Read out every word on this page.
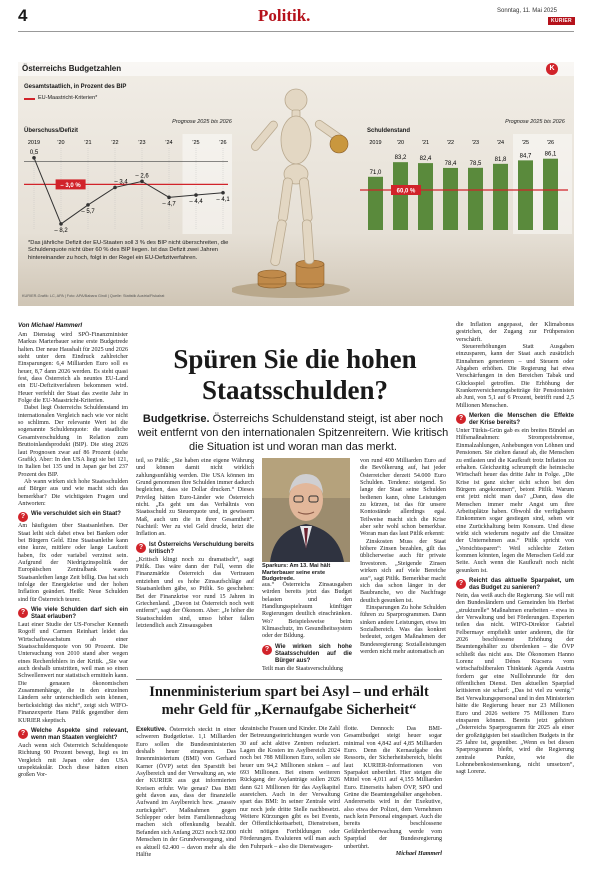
4	Politik.	Sonntag, 11. Mai 2025
KURIER
Österreichs Budgetzahlen	K
Gesamtstaatlich, in Prozent des BIP
EU-Maastricht-Kriterien*
Überschuss/Defizit	Schuldenstand
Prognose 2025 bis 2026	Prognose 2025 bis 2026
2019	'20	'21	'22	'23	'24	'25	'26
– 3,0 %
0,5
– 8,2
– 5,7
– 3,4
– 2,6
– 4,7 – 4,4 – 4,1
2019	'20	'21	'22	'23	'24	'25	'26
71,0
83,2 82,4
78,4 78,5
81,8
84,7 86,1
60,0 %
*Das jährliche Defizit der EU-Staaten soll 3 % des BIP nicht überschreiten, die Schuldenquote nicht über 60 % des BIP liegen. Ist das Defizit zwei Jahren hintereinander zu hoch, folgt in der Regel ein EU-Defizitverfahren.
KURIER-Grafik: LC, APA | Foto: APA/Babara Gindl | Quelle: Statistik Austria/Fiskalrat
Von Michael Hammerl

Am Dienstag wird SPÖ-Finanzminister Markus Marterbauer seine erste Budgetrede halten. Der neue Haushalt für 2025 und 2026 steht unter dem Eindruck zahlreicher Einsparungen: 6,4 Milliarden Euro soll es heuer, 8,7 dann 2026 werden. Es steht quasi fest, dass Österreich als neuntes EU-Land ein EU-Defizitverfahren bekommen wird. Heuer verfehlt der Staat das zweite Jahr in Folge die EU-Maastricht-Kriterien.

Dabei liegt Österreichs Schuldenstand im internationalen Vergleich nach wie vor nicht so schlimm. Der relevante Wert ist die sogenannte Schuldenquote: die staatliche Gesamtverschuldung in Relation zum Bruttoinlandsprodukt (BIP). Die stieg 2026 laut Prognosen zwar auf 86 Prozent (siehe Grafik). Aber: In den USA liegt sie bei 121, in Italien bei 135 und in Japan gar bei 237 Prozent des BIP.

Ab wann wirken sich hohe Staatsschulden auf Bürger aus und wie macht sich das bemerkbar? Die wichtigsten Fragen und Antworten:

? Wie verschuldet sich ein Staat?

Am häufigsten über Staatsanleihen. Der Staat leiht sich dabei etwa bei Banken oder bei Bürgern Geld. Eine Staatsanleihe kann eine kurze, mittlere oder lange Laufzeit haben, fix oder variabel verzinst sein. Aufgrund der Niedrigzinspolitik der Europäischen Zentralbank waren Staatsanleihen lange Zeit billig. Das hat sich infolge der Energiekrise und der hohen Inflation geändert. Heißt: Neue Schulden sind für Österreich teurer.

? Wie viele Schulden darf sich ein Staat erlauben?

Laut einer Studie der US-Forscher Kenneth Rogoff und Carmen Reinhart leidet das Wirtschaftswachstum ab einer Staatsschuldenquote von 90 Prozent. Die Untersuchung von 2010 stand aber wegen eines Rechenfehlers in der Kritik. „Sie war auch deshalb umstritten, weil man so einen Schwellenwert nur statistisch ermitteln kann. Die genauen ökonomischen Zusammenhänge, die in den einzelnen Ländern sehr unterschiedlich sein können, berücksichtigt das nicht“, zeigt sich WIFO-Finanzexperte Hans Pitlik gegenüber dem KURIER skeptisch.

? Welche Aspekte sind relevant, wenn man Staaten vergleicht?

Auch wenn sich Österreich Schuldenquote Richtung 90 Prozent bewegt, liegt es im Vergleich mit Japan oder den USA unspektakulär. Doch diese hätten einen großen Vor-

Spüren Sie die hohen Staatsschulden?
Budgetkrise. Österreichs Schuldenstand steigt, ist aber noch weit entfernt von den internationalen Spitzenreitern. Wie kritisch die Situation ist und woran man das merkt.

teil, so Pitlik: „Sie haben eine eigene Währung und können damit nicht wirklich zahlungsunfähig werden. Die USA können im Grund genommen ihre Schulden immer dadurch begleichen, dass sie Dollar drucken.“ Dieses Privileg hätten Euro-Länder wie Österreich nicht. „Es geht um das Verhältnis von Staatsschuld zu Steuerquote und, in gewissem Maß, auch um die in ihrer Gesamtheit“. Nachteil: Wer zu viel Geld druckt, heizt die Inflation an.

? Ist Österreichs Verschuldung bereits kritisch?

„Kritisch klingt noch zu dramatisch“, sagt Pitlik. Das wäre dann der Fall, wenn die Finanzmärkte Österreich das Vertrauen entziehen und es hohe Zinsaufschläge auf Staatsanleihen gäbe, so Pitlik. So geschehen: Bei der Finanzkrise vor rund 15 Jahren in Griechenland. „Davon ist Österreich noch weit entfernt“, sagt der Ökonom. Aber: „Je höher die Staatsschulden sind, umso höher fallen letztendlich auch Zinsausgaben

Sparkurs: Am 13. Mai hält Marterbauer seine erste Budgetrede.

aus.“ Österreichs Zinsausgaben würden bereits jetzt das Budget belasten und den Handlungsspielraum künftiger Regierungen deutlich einschränken. Wo? Beispielsweise beim Klimaschutz, im Gesundheitssystem oder der Bildung.

? Wie wirken sich hohe Staatsschulden auf die Bürger aus?

Teilt man die Staatsverschuldung

von rund 400 Milliarden Euro auf die Bevölkerung auf, hat jeder Österreicher derzeit 54.000 Euro Schulden. Tendenz: steigend. So lange der Staat seine Schulden bedienen kann, ohne Leistungen zu kürzen, ist das für unsere Kontostände allerdings egal. Teilweise macht sich die Krise aber sehr wohl schon bemerkbar. Woran man das laut Pitlik erkennt:

Zinskosten Muss der Staat höhere Zinsen bezahlen, gilt das üblicherweise auch für private Investoren. „Steigende Zinsen wirken sich auf viele Bereiche aus“, sagt Pitlik. Bemerkbar macht sich das schon länger in der Baubranche, wo die Nachfrage deutlich gesunken ist.

Einsparungen Zu hohe Schulden führen zu Sparprogrammen. Dann sinken andere Leistungen, etwa im Sozialbereich. Was das konkret bedeutet, zeigen Maßnahmen der Bundesregierung: Sozialleistungen werden nicht mehr automatisch an

die Inflation angepasst, der Klimabonus gestrichen, der Zugang zur Frühpension verschärft.

Steuererhöhungen Statt Ausgaben einzusparen, kann der Staat auch zusätzlich Einnahmen generieren – und Steuern oder Abgaben erhöhen. Die Regierung hat etwa Verschärfungen in den Bereichen Tabak und Glücksspiel getroffen. Die Erhöhung der Krankenversicherungsbeiträge für Pensionisten ab Juni, von 5,1 auf 6 Prozent, betrifft rund 2,5 Millionen Menschen.

? Merken die Menschen die Effekte der Krise bereits?

Unter Türkis-Grün gab es ein breites Bündel an Hilfsmaßnahmen: Strompreisbremse, Einmalzahlungen, Anhebungen von Löhnen und Pensionen. Sie zielten darauf ab, die Menschen zu entlasten und die Kaufkraft trotz Inflation zu erhalten. Gleichzeitig schrumpft die heimische Wirtschaft heuer das dritte Jahr in Folge. „Die Krise ist ganz sicher sicht schon bei den Bürgern angekommen“, betont Pitlik. Warum erst jetzt nicht man das? „Dann, dass die Menschen immer mehr Angst um ihre Arbeitsplätze haben. Obwohl die verfügbaren Einkommen sogar gestiegen sind, sehen wir eine Zurückhaltung beim Konsum. Und diese wirkt sich wiederum negativ auf die Umsätze der Unternehmen aus.“ Pitlik spricht von „Vorsichtssparen“: Weil schlechte Zeiten kommen könnten, legen die Menschen Geld zur Seite. Auch wenn die Kaufkraft noch nicht gesunken ist.

? Reicht das aktuelle Sparpaket, um das Budget zu sanieren?

Nein, das weiß auch die Regierung. Sie will mit den Bundesländern und Gemeinden bis Herbst „strukturelle“ Maßnahmen erarbeiten – etwa in der Verwaltung und bei Förderungen. Experten teilen das nicht. WIFO-Direktor Gabriel Felbermayr empfiehlt unter anderem, die für 2026 beschlossene Erhöhung der Beamtengehälter zu überdenken – die ÖVP schließt das nicht aus. Die Ökonomen Hanno Lorenz und Dénes Kucsera vom wirtschaftsliberalen Thinktank Agenda Austria fordern gar eine Nulllohnrunde für den öffentlichen Dienst. Den aktuellen Sparpfad kritisieren sie scharf: „Das ist viel zu wenig.“ Bei Verwaltungspersonal und in den Ministerien hätte die Regierung heuer nur 23 Millionen Euro und 2026 weitere 75 Millionen Euro einsparen können. Bereits jetzt gehören „Österreichs Sparprogramm für 2025 als einer der großzügigsten bei staatlichen Budgets in ihr 25 Jahre ist, gegenüber. „Wenn es bei diesen Sparprogramm bleibt, wird die Regierung zentrale Punkte, wie die Lohnnebenkostensenkung, nicht umsetzen“, sagt Lorenz.

Innenministerium spart bei Asyl – und erhält mehr Geld für „Kernaufgabe Sicherheit“

Exekutive. Österreich steckt in einer schweren Budgetkrise. 1,1 Milliarden Euro sollen die Bundesministerien deshalb heuer einsparen. Das Innenministerium (BMI) von Gerhard Karner (ÖVP) setzt den Sparstift bei Asylbereich und der Verwaltung an, wie der KURIER aus gut informierten Kreisen erfuhr. Wie genau? Das BMI geht davon aus, dass der finanzielle Aufwand im Asylbereich bzw. „massiv zurückgeht“. Maßnahmen gegen Schlepper oder beim Familiennachzug machen sich offenkundig bezahlt. Befanden sich Anfang 2023 noch 92.000 Menschen in der Grundversorgung, sind es aktuell 62.400 – davon mehr als die Hälfte

ukrainische Frauen und Kinder. Die Zahl der Betreuungseinrichtungen wurde von 30 auf acht aktive Zentren reduziert. Lagen die Kosten im Asylbereich 2024 noch bei 788 Millionen Euro, sollen sie heuer um 94,2 Millionen sinken – auf 693 Millionen. Bei einem weiteren Rückgang der Asylanträge sollen 2026 dann 621 Millionen für das Asylkapitel ausreichen. Auch in der Verwaltung spart das BMI: In seiner Zentrale wird nur noch jede dritte Stelle nachbesetzt. Weitere Kürzungen gibt es bei Events, der Öffentlichkeitsarbeit, Dienstreisen, nicht nötigen Fortbildungen oder Förderungen. Evaluieren will man auch den Fuhrpark – also die Dienstwagen-

flotte. Dennoch: Das BMI-Gesamtbudget steigt heuer sogar minimal von 4,842 auf 4,85 Milliarden Euro. Denn die Kernaufgabe des Ressorts, der Sicherheitsbereich, bleibt laut KURIER-Informationen von Sparpaket unberührt. Hier steigen die Mittel von 4,011 auf 4,155 Milliarden Euro. Einerseits haben ÖVP, SPÖ und Grüne die Beamtengehälter angehoben. Andererseits wird in der Exekutive, also etwa der Polizei, dem Vernehmen nach kein Personal eingespart. Auch die bereits beschlossene Gefährderüberwachung werde vom Sparpfad der Bundesregierung unberührt.

Michael Hammerl
